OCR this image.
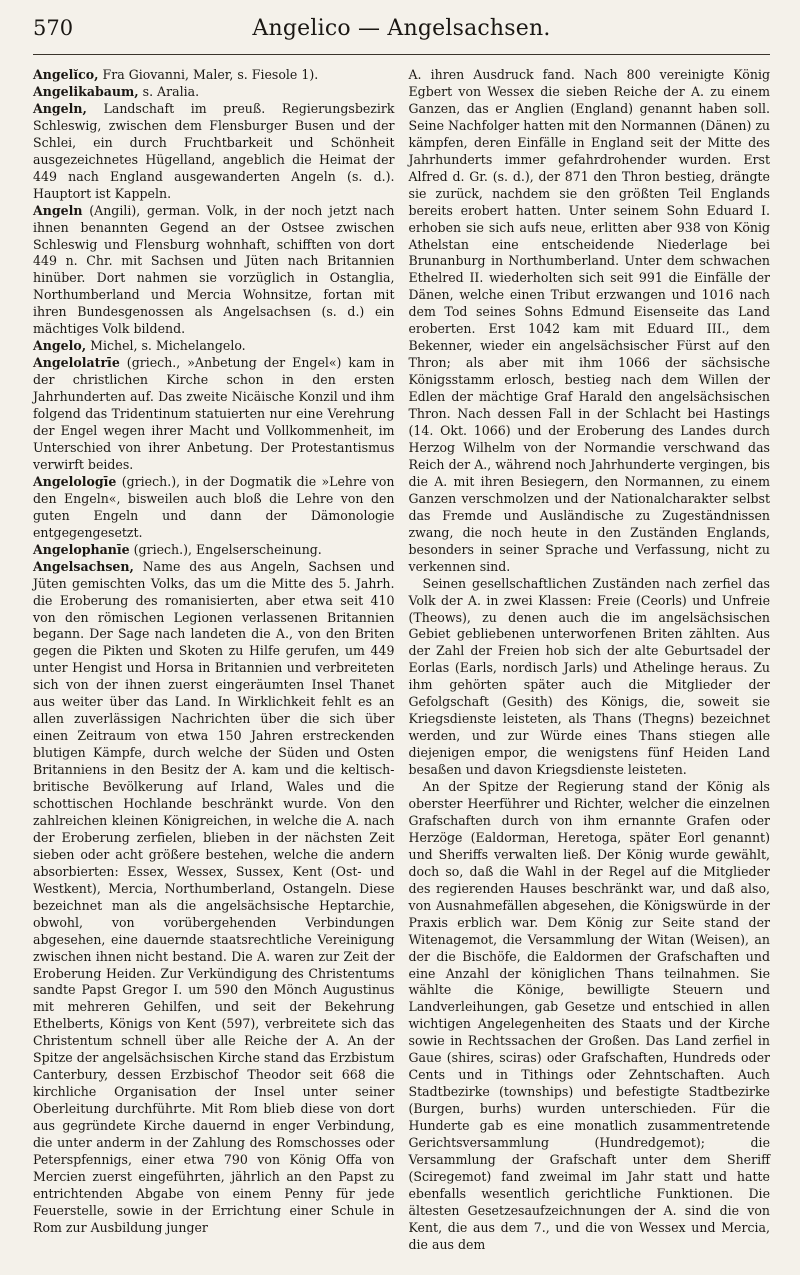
570	Angelico — Angelsachsen.

Angelĭco, Fra Giovanni, Maler, s. Fiesole 1).

Angelikabaum, s. Aralia.

Angeln, Landschaft im preuß. Regierungsbezirk Schleswig, zwischen dem Flensburger Busen und der Schlei, ein durch Fruchtbarkeit und Schönheit ausgezeichnetes Hügelland, angeblich die Heimat der 449 nach England ausgewanderten Angeln (s. d.). Hauptort ist Kappeln.

Angeln (Angili), german. Volk, in der noch jetzt nach ihnen benannten Gegend an der Ostsee zwischen Schleswig und Flensburg wohnhaft, schifften von dort 449 n. Chr. mit Sachsen und Jüten nach Britannien hinüber. Dort nahmen sie vorzüglich in Ostanglia, Northumberland und Mercia Wohnsitze, fortan mit ihren Bundesgenossen als Angelsachsen (s. d.) ein mächtiges Volk bildend.

Angelo, Michel, s. Michelangelo.

Angelolatrīe (griech., »Anbetung der Engel«) kam in der christlichen Kirche schon in den ersten Jahrhunderten auf. Das zweite Nicäische Konzil und ihm folgend das Tridentinum statuierten nur eine Verehrung der Engel wegen ihrer Macht und Vollkommenheit, im Unterschied von ihrer Anbetung. Der Protestantismus verwirft beides.

Angelologīe (griech.), in der Dogmatik die »Lehre von den Engeln«, bisweilen auch bloß die Lehre von den guten Engeln und dann der Dämonologie entgegengesetzt.

Angelophanīe (griech.), Engelserscheinung.

Angelsachsen, Name des aus Angeln, Sachsen und Jüten gemischten Volks, das um die Mitte des 5. Jahrh. die Eroberung des romanisierten, aber etwa seit 410 von den römischen Legionen verlassenen Britannien begann. Der Sage nach landeten die A., von den Briten gegen die Pikten und Skoten zu Hilfe gerufen, um 449 unter Hengist und Horsa in Britannien und verbreiteten sich von der ihnen zuerst eingeräumten Insel Thanet aus weiter über das Land. In Wirklichkeit fehlt es an allen zuverlässigen Nachrichten über die sich über einen Zeitraum von etwa 150 Jahren erstreckenden blutigen Kämpfe, durch welche der Süden und Osten Britanniens in den Besitz der A. kam und die keltisch-britische Bevölkerung auf Irland, Wales und die schottischen Hochlande beschränkt wurde. Von den zahlreichen kleinen Königreichen, in welche die A. nach der Eroberung zerfielen, blieben in der nächsten Zeit sieben oder acht größere bestehen, welche die andern absorbierten: Essex, Wessex, Sussex, Kent (Ost- und Westkent), Mercia, Northumberland, Ostangeln. Diese bezeichnet man als die angelsächsische Heptarchie, obwohl, von vorübergehenden Verbindungen abgesehen, eine dauernde staatsrechtliche Vereinigung zwischen ihnen nicht bestand. Die A. waren zur Zeit der Eroberung Heiden. Zur Verkündigung des Christentums sandte Papst Gregor I. um 590 den Mönch Augustinus mit mehreren Gehilfen, und seit der Bekehrung Ethelberts, Königs von Kent (597), verbreitete sich das Christentum schnell über alle Reiche der A. An der Spitze der angelsächsischen Kirche stand das Erzbistum Canterbury, dessen Erzbischof Theodor seit 668 die kirchliche Organisation der Insel unter seiner Oberleitung durchführte. Mit Rom blieb diese von dort aus gegründete Kirche dauernd in enger Verbindung, die unter anderm in der Zahlung des Romschosses oder Peterspfennigs, einer etwa 790 von König Offa von Mercien zuerst eingeführten, jährlich an den Papst zu entrichtenden Abgabe von einem Penny für jede Feuerstelle, sowie in der Errichtung einer Schule in Rom zur Ausbildung junger

A. ihren Ausdruck fand. Nach 800 vereinigte König Egbert von Wessex die sieben Reiche der A. zu einem Ganzen, das er Anglien (England) genannt haben soll. Seine Nachfolger hatten mit den Normannen (Dänen) zu kämpfen, deren Einfälle in England seit der Mitte des Jahrhunderts immer gefahrdrohender wurden. Erst Alfred d. Gr. (s. d.), der 871 den Thron bestieg, drängte sie zurück, nachdem sie den größten Teil Englands bereits erobert hatten. Unter seinem Sohn Eduard I. erhoben sie sich aufs neue, erlitten aber 938 von König Athelstan eine entscheidende Niederlage bei Brunanburg in Northumberland. Unter dem schwachen Ethelred II. wiederholten sich seit 991 die Einfälle der Dänen, welche einen Tribut erzwangen und 1016 nach dem Tod seines Sohns Edmund Eisenseite das Land eroberten. Erst 1042 kam mit Eduard III., dem Bekenner, wieder ein angelsächsischer Fürst auf den Thron; als aber mit ihm 1066 der sächsische Königsstamm erlosch, bestieg nach dem Willen der Edlen der mächtige Graf Harald den angelsächsischen Thron. Nach dessen Fall in der Schlacht bei Hastings (14. Okt. 1066) und der Eroberung des Landes durch Herzog Wilhelm von der Normandie verschwand das Reich der A., während noch Jahrhunderte vergingen, bis die A. mit ihren Besiegern, den Normannen, zu einem Ganzen verschmolzen und der Nationalcharakter selbst das Fremde und Ausländische zu Zugeständnissen zwang, die noch heute in den Zuständen Englands, besonders in seiner Sprache und Verfassung, nicht zu verkennen sind.

Seinen gesellschaftlichen Zuständen nach zerfiel das Volk der A. in zwei Klassen: Freie (Ceorls) und Unfreie (Theows), zu denen auch die im angelsächsischen Gebiet gebliebenen unterworfenen Briten zählten. Aus der Zahl der Freien hob sich der alte Geburtsadel der Eorlas (Earls, nordisch Jarls) und Athelinge heraus. Zu ihm gehörten später auch die Mitglieder der Gefolgschaft (Gesith) des Königs, die, soweit sie Kriegsdienste leisteten, als Thans (Thegns) bezeichnet werden, und zur Würde eines Thans stiegen alle diejenigen empor, die wenigstens fünf Heiden Land besaßen und davon Kriegsdienste leisteten.

An der Spitze der Regierung stand der König als oberster Heerführer und Richter, welcher die einzelnen Grafschaften durch von ihm ernannte Grafen oder Herzöge (Ealdorman, Heretoga, später Eorl genannt) und Sheriffs verwalten ließ. Der König wurde gewählt, doch so, daß die Wahl in der Regel auf die Mitglieder des regierenden Hauses beschränkt war, und daß also, von Ausnahmefällen abgesehen, die Königswürde in der Praxis erblich war. Dem König zur Seite stand der Witenagemot, die Versammlung der Witan (Weisen), an der die Bischöfe, die Ealdormen der Grafschaften und eine Anzahl der königlichen Thans teilnahmen. Sie wählte die Könige, bewilligte Steuern und Landverleihungen, gab Gesetze und entschied in allen wichtigen Angelegenheiten des Staats und der Kirche sowie in Rechtssachen der Großen. Das Land zerfiel in Gaue (shires, sciras) oder Grafschaften, Hundreds oder Cents und in Tithings oder Zehntschaften. Auch Stadtbezirke (townships) und befestigte Stadtbezirke (Burgen, burhs) wurden unterschieden. Für die Hunderte gab es eine monatlich zusammentretende Gerichtsversammlung (Hundredgemot); die Versammlung der Grafschaft unter dem Sheriff (Sciregemot) fand zweimal im Jahr statt und hatte ebenfalls wesentlich gerichtliche Funktionen. Die ältesten Gesetzesaufzeichnungen der A. sind die von Kent, die aus dem 7., und die von Wessex und Mercia, die aus dem
